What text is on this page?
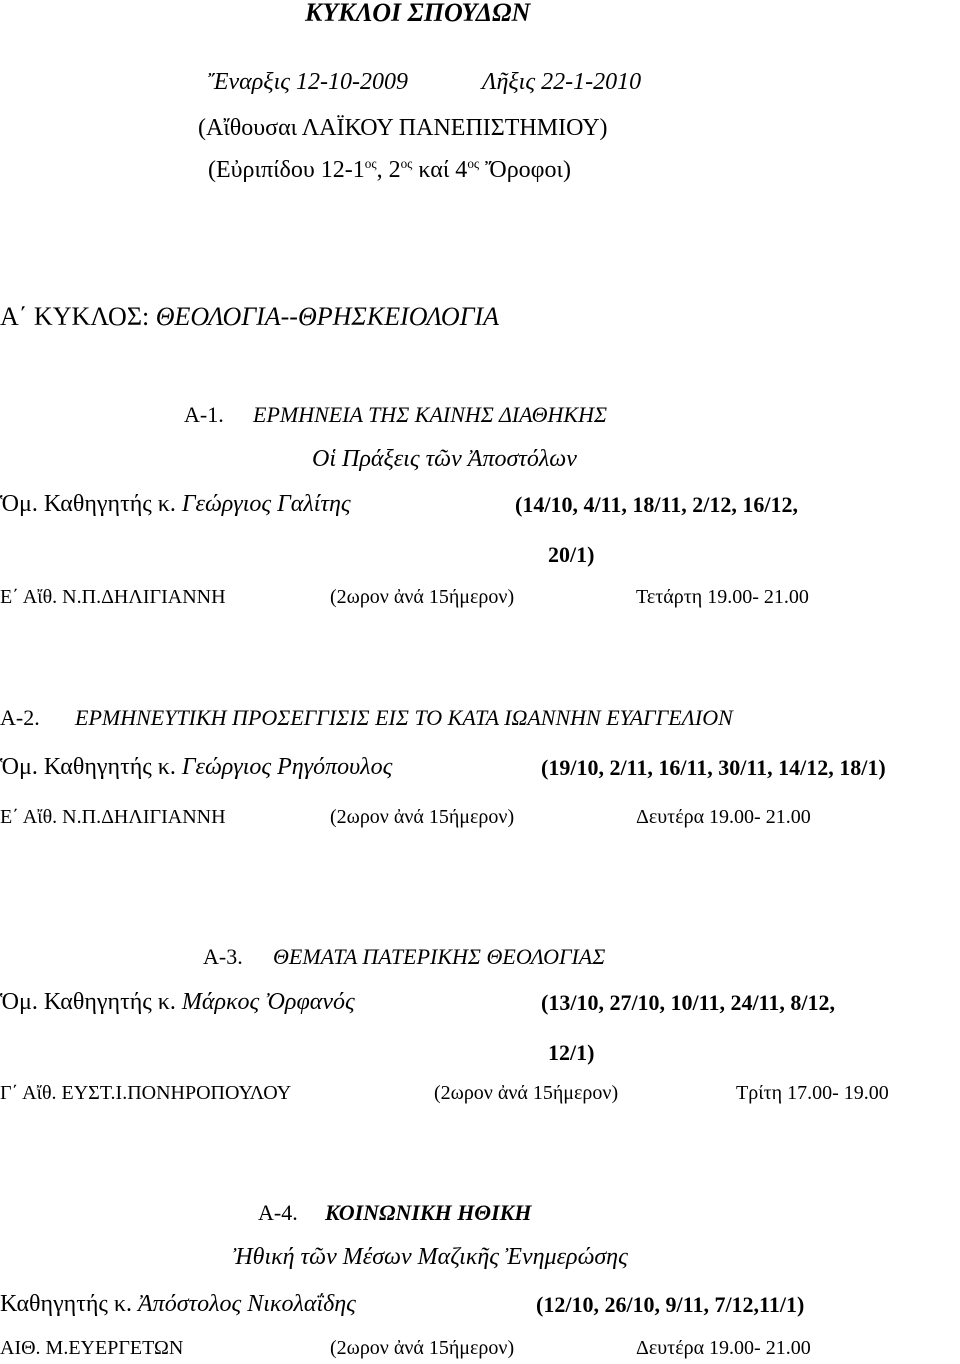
ΚΥΚΛΟΙ ΣΠΟΥΔΩΝ
Ἔναρξις 12-10-2009	Λῆξις 22-1-2010
(Αἴθουσαι ΛΑΪΚΟΥ ΠΑΝΕΠΙΣΤΗΜΙΟΥ)
(Εὐριπίδου $12-1^{o\varsigma}$, $2^{o\varsigma}$ καί $4^{o\varsigma}$ Ὄροφοι)
Α΄ ΚΥΚΛΟΣ: ΘΕΟΛΟΓΙΑ--ΘΡΗΣΚΕΙΟΛΟΓΙΑ
Α-1. ΕΡΜΗΝΕΙΑ ΤΗΣ ΚΑΙΝΗΣ ΔΙΑΘΗΚΗΣ
Οἱ Πράξεις τῶν Ἀποστόλων
Ὁμ. Καθηγητής κ. Γεώργιος Γαλίτης	(14/10, 4/11, 18/11, 2/12, 16/12,
20/1)
Ε΄ Αἴθ. Ν.Π.ΔΗΛΙΓΙΑΝΝΗ	(2ωρον ἀνά 15ήμερον)	Τετάρτη 19.00- 21.00
Α-2. ΕΡΜΗΝΕΥΤΙΚΗ ΠΡΟΣΕΓΓΙΣΙΣ ΕΙΣ ΤΟ ΚΑΤΑ ΙΩΑΝΝΗΝ ΕΥΑΓΓΕΛΙΟΝ
Ὁμ. Καθηγητής κ. Γεώργιος Ρηγόπουλος	(19/10, 2/11, 16/11, 30/11, 14/12, 18/1)
Ε΄ Αἴθ. Ν.Π.ΔΗΛΙΓΙΑΝΝΗ	(2ωρον ἀνά 15ήμερον)	Δευτέρα 19.00- 21.00
Α-3. ΘΕΜΑΤΑ ΠΑΤΕΡΙΚΗΣ ΘΕΟΛΟΓΙΑΣ
Ὁμ. Καθηγητής κ. Μάρκος Ὀρφανός	(13/10, 27/10, 10/11, 24/11, 8/12,
12/1)
Γ΄ Αἴθ. ΕΥΣΤ.Ι.ΠΟΝΗΡΟΠΟΥΛΟΥ	(2ωρον ἀνά 15ήμερον)	Τρίτη 17.00- 19.00
Α-4. ΚΟΙΝΩΝΙΚΗ ΗΘΙΚΗ
Ἠθική τῶν Μέσων Μαζικῆς Ἐνημερώσης
Καθηγητής κ. Ἀπόστολος Νικολαΐδης	(12/10, 26/10, 9/11, 7/12,11/1)
ΑΙΘ. Μ.ΕΥΕΡΓΕΤΩΝ	(2ωρον ἀνά 15ήμερον)	Δευτέρα 19.00- 21.00
